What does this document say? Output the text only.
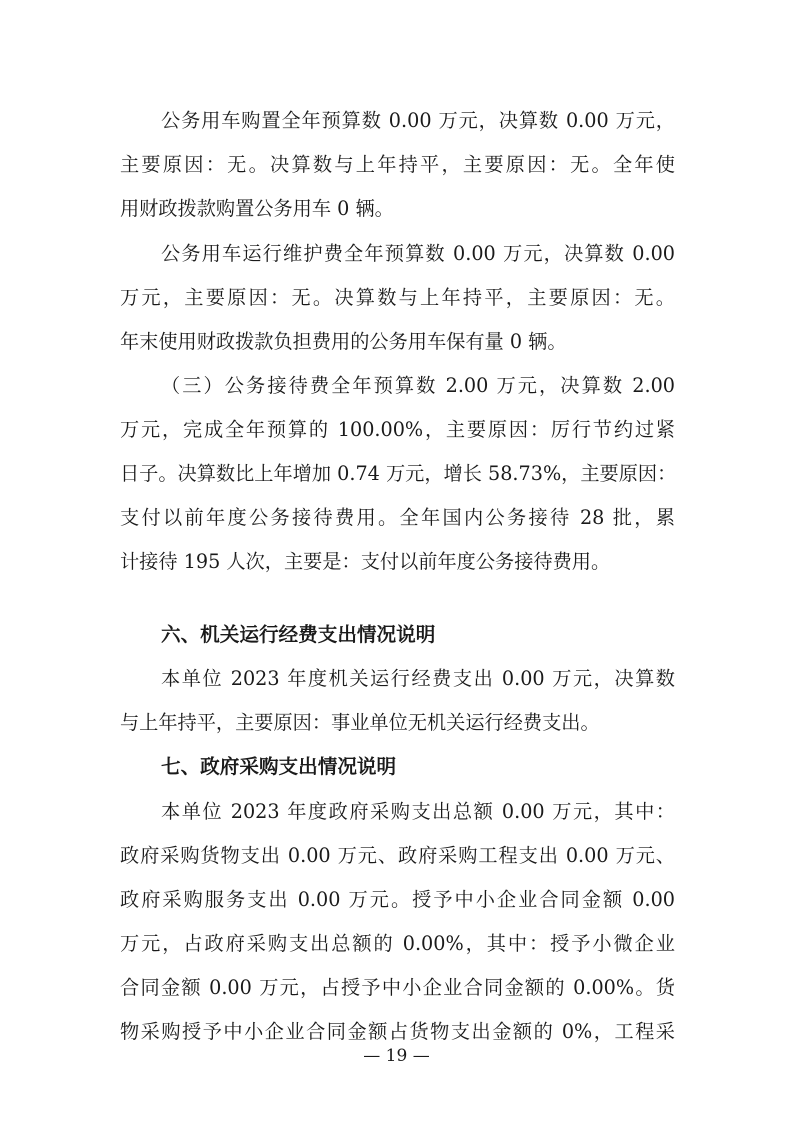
公务用车购置全年预算数 0.00 万元，决算数 0.00 万元，
主要原因：无。决算数与上年持平，主要原因：无。全年使
用财政拨款购置公务用车 0 辆。
公务用车运行维护费全年预算数 0.00 万元，决算数 0.00
万元，主要原因：无。决算数与上年持平，主要原因：无。
年末使用财政拨款负担费用的公务用车保有量 0 辆。
（三）公务接待费全年预算数 2.00 万元，决算数 2.00
万元，完成全年预算的 100.00%，主要原因：厉行节约过紧
日子。决算数比上年增加 0.74 万元，增长 58.73%，主要原因：
支付以前年度公务接待费用。全年国内公务接待 28 批，累
计接待 195 人次，主要是：支付以前年度公务接待费用。
六、机关运行经费支出情况说明
本单位 2023 年度机关运行经费支出 0.00 万元，决算数
与上年持平，主要原因：事业单位无机关运行经费支出。
七、政府采购支出情况说明
本单位 2023 年度政府采购支出总额 0.00 万元，其中：
政府采购货物支出 0.00 万元、政府采购工程支出 0.00 万元、
政府采购服务支出 0.00 万元。授予中小企业合同金额 0.00
万元，占政府采购支出总额的 0.00%，其中：授予小微企业
合同金额 0.00 万元，占授予中小企业合同金额的 0.00%。货
物采购授予中小企业合同金额占货物支出金额的 0%，工程采
— 19 —
